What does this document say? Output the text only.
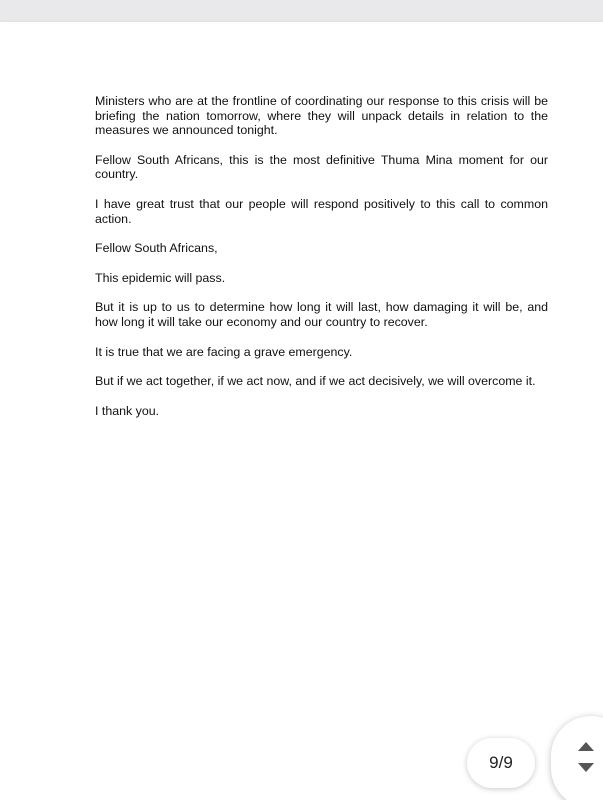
Ministers who are at the frontline of coordinating our response to this crisis will be briefing the nation tomorrow, where they will unpack details in relation to the measures we announced tonight.

Fellow South Africans, this is the most definitive Thuma Mina moment for our country.

I have great trust that our people will respond positively to this call to common action.

Fellow South Africans,

This epidemic will pass.

But it is up to us to determine how long it will last, how damaging it will be, and how long it will take our economy and our country to recover.

It is true that we are facing a grave emergency.

But if we act together, if we act now, and if we act decisively, we will overcome it.

I thank you.

9/9
